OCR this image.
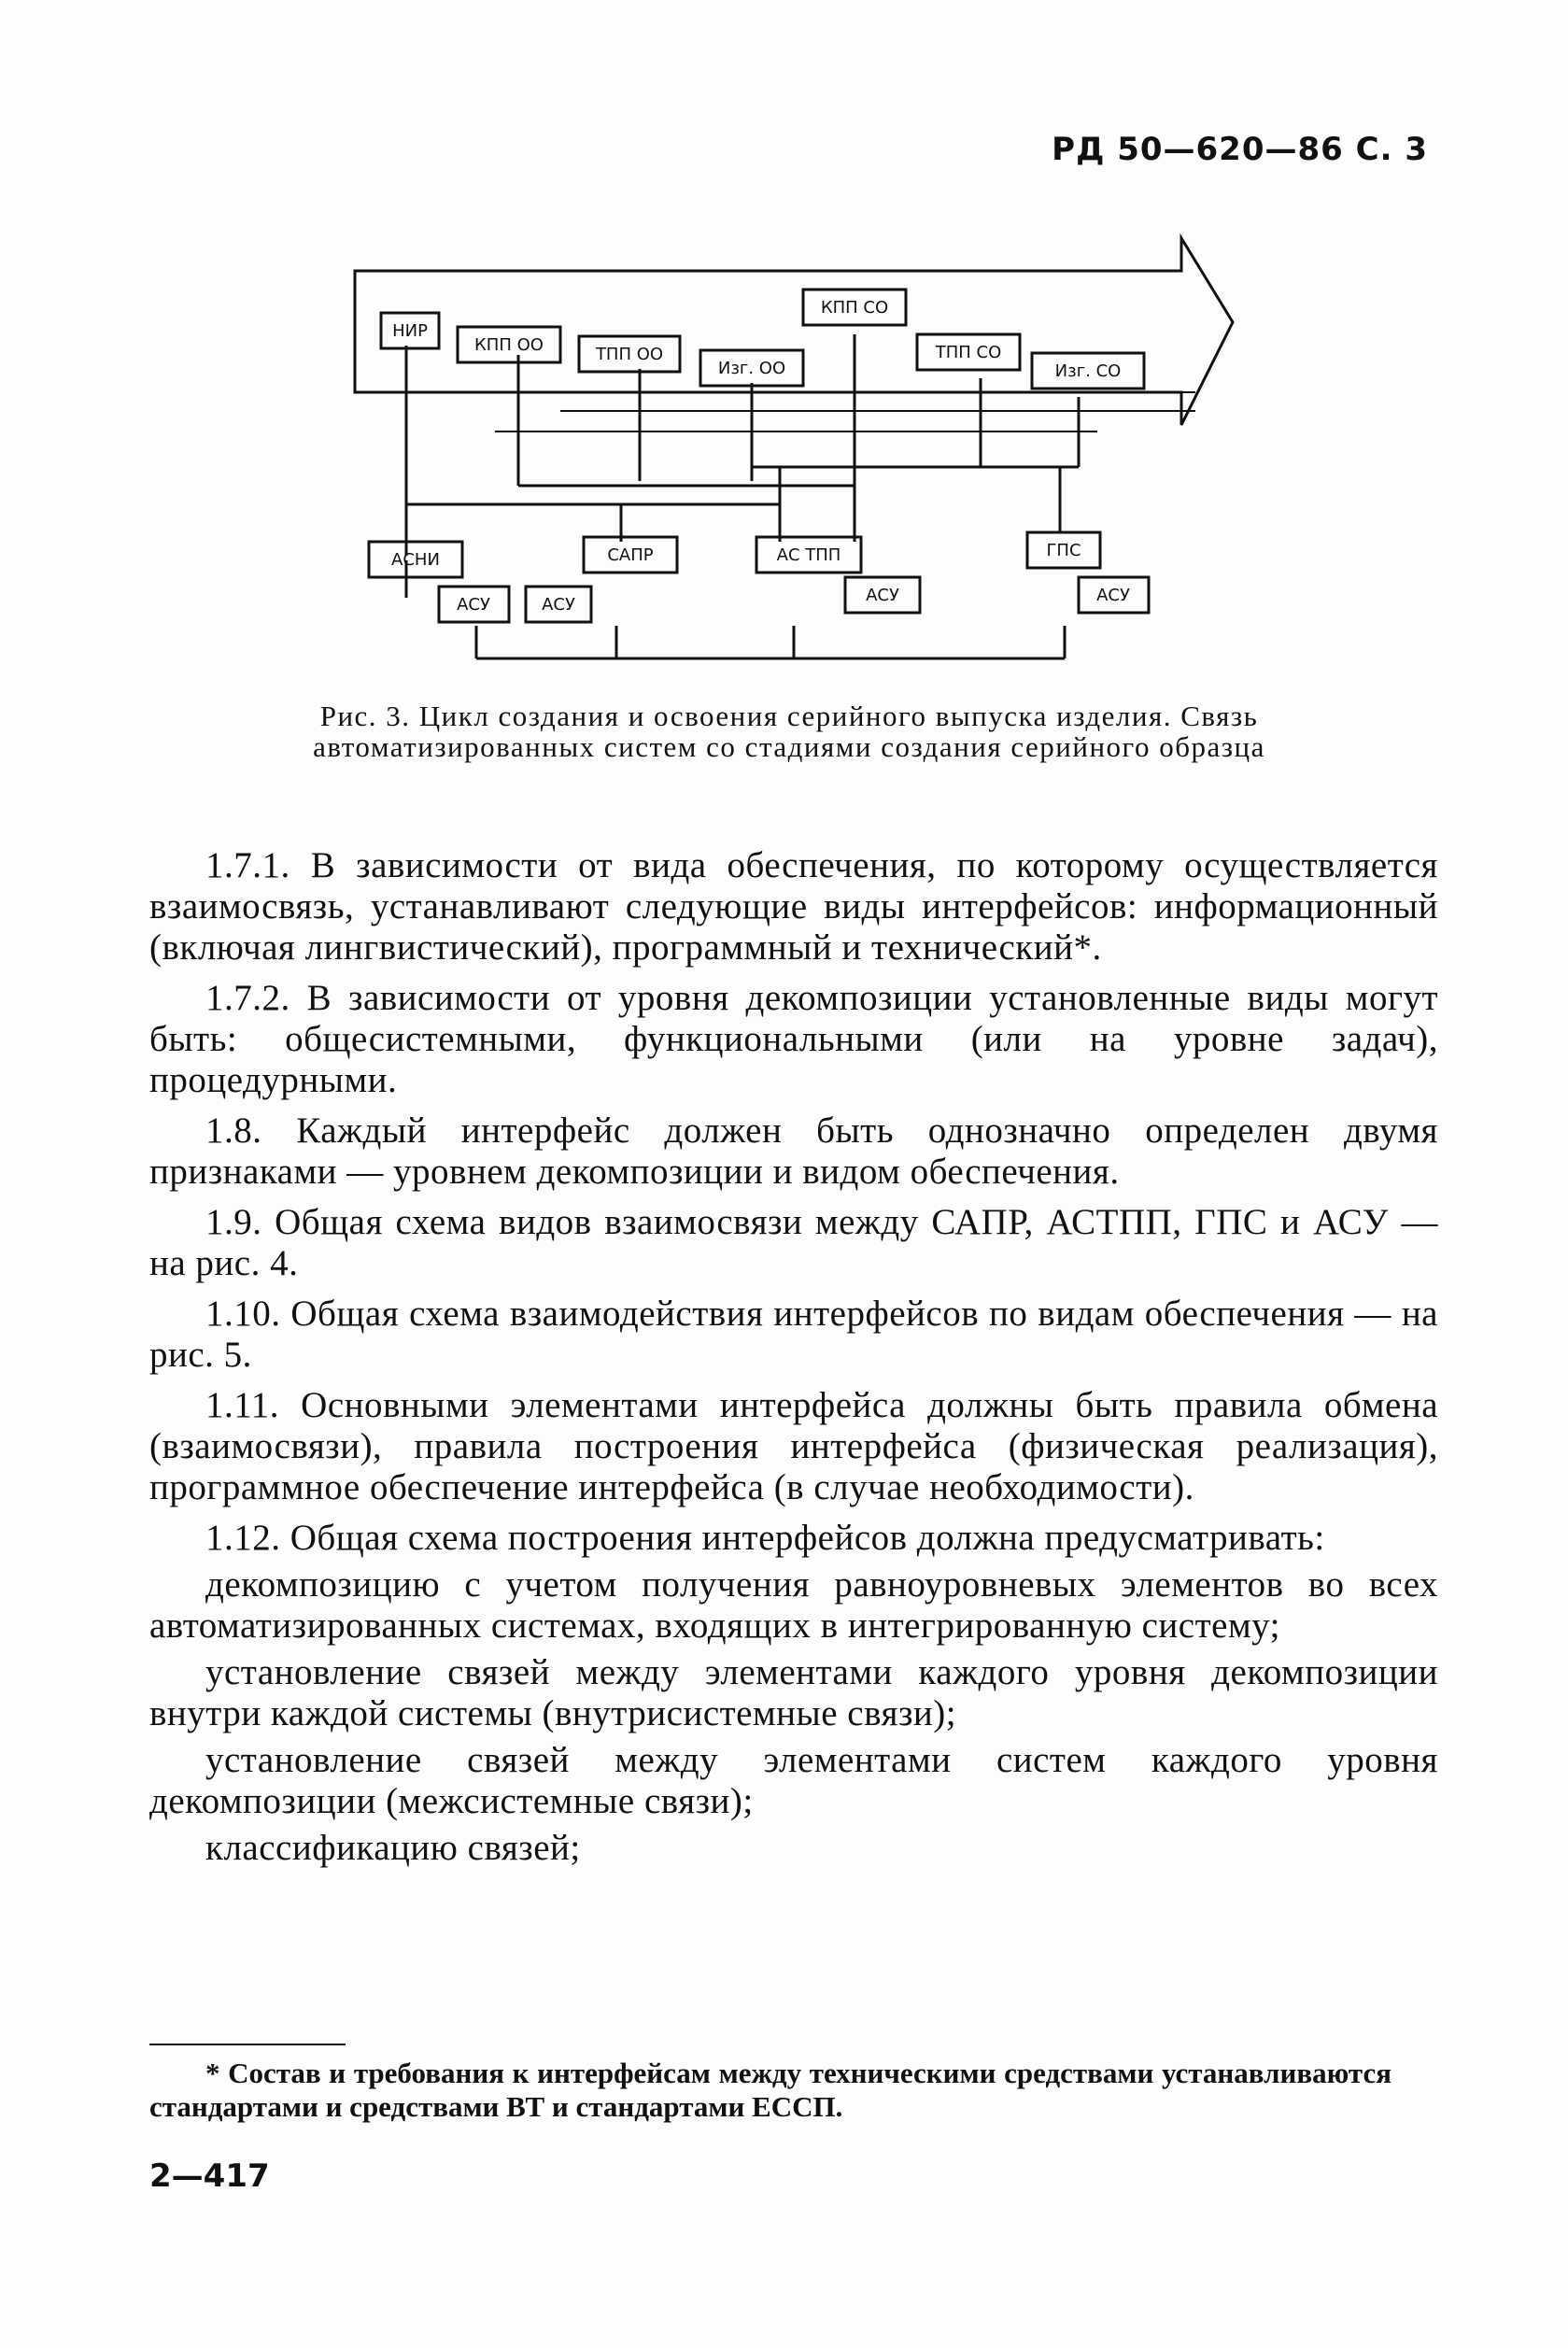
РД 50—620—86 С. 3
НИР
КПП ОО	ТПП ОО
Изг. ОО
КПП СО
ТПП СО
Изг. СО
АСНИ	САПР	АС ТПП	ГПС
АСУ	АСУ	АСУ	АСУ
Рис. 3. Цикл создания и освоения серийного выпуска изделия. Связь автоматизированных систем со стадиями создания серийного образца

1.7.1. В зависимости от вида обеспечения, по которому осуществляется взаимосвязь, устанавливают следующие виды интерфейсов: информационный (включая лингвистический), программный и технический*.

1.7.2. В зависимости от уровня декомпозиции установленные виды могут быть: общесистемными, функциональными (или на уровне задач), процедурными.

1.8. Каждый интерфейс должен быть однозначно определен двумя признаками — уровнем декомпозиции и видом обеспечения.

1.9. Общая схема видов взаимосвязи между САПР, АСТПП, ГПС и АСУ — на рис. 4.

1.10. Общая схема взаимодействия интерфейсов по видам обеспечения — на рис. 5.

1.11. Основными элементами интерфейса должны быть правила обмена (взаимосвязи), правила построения интерфейса (физическая реализация), программное обеспечение интерфейса (в случае необходимости).

1.12. Общая схема построения интерфейсов должна предусматривать:

декомпозицию с учетом получения равноуровневых элементов во всех автоматизированных системах, входящих в интегрированную систему;

установление связей между элементами каждого уровня декомпозиции внутри каждой системы (внутрисистемные связи);

установление связей между элементами систем каждого уровня декомпозиции (межсистемные связи);

классификацию связей;

* Состав и требования к интерфейсам между техническими средствами устанавливаются стандартами и средствами ВТ и стандартами ЕССП.
2—417
